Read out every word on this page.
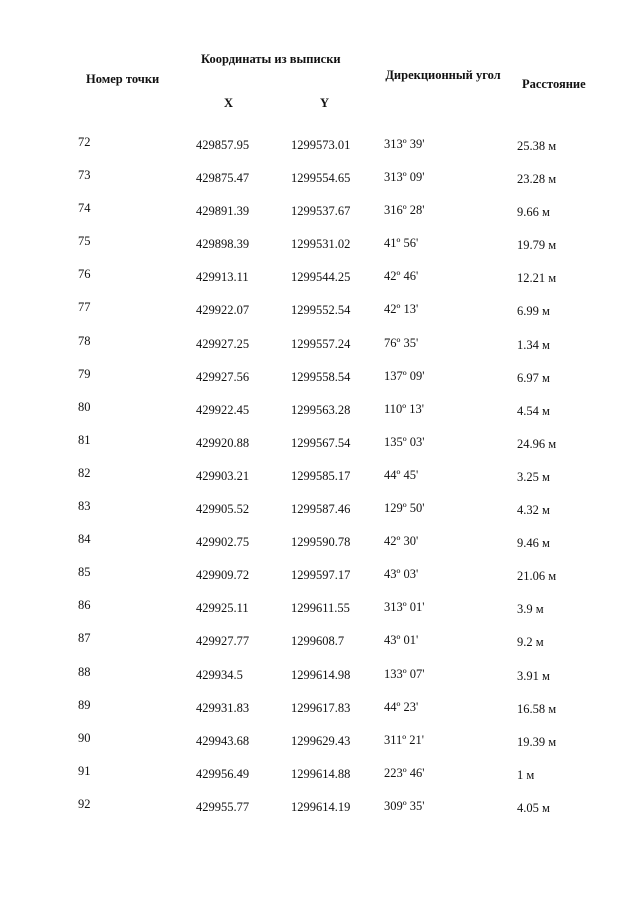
Номер точки
Координаты из выписки
X	Y
Дирекционный угол
Расстояние
72	429857.95	1299573.01	313º 39'	25.38 м
73	429875.47	1299554.65	313º 09'	23.28 м
74	429891.39	1299537.67	316º 28'	9.66 м
75	429898.39	1299531.02	41º 56'	19.79 м
76	429913.11	1299544.25	42º 46'	12.21 м
77	429922.07	1299552.54	42º 13'	6.99 м
78	429927.25	1299557.24	76º 35'	1.34 м
79	429927.56	1299558.54	137º 09'	6.97 м
80	429922.45	1299563.28	110º 13'	4.54 м
81	429920.88	1299567.54	135º 03'	24.96 м
82	429903.21	1299585.17	44º 45'	3.25 м
83	429905.52	1299587.46	129º 50'	4.32 м
84	429902.75	1299590.78	42º 30'	9.46 м
85	429909.72	1299597.17	43º 03'	21.06 м
86	429925.11	1299611.55	313º 01'	3.9 м
87	429927.77	1299608.7	43º 01'	9.2 м
88	429934.5	1299614.98	133º 07'	3.91 м
89	429931.83	1299617.83	44º 23'	16.58 м
90	429943.68	1299629.43	311º 21'	19.39 м
91	429956.49	1299614.88	223º 46'	1 м
92	429955.77	1299614.19	309º 35'	4.05 м
